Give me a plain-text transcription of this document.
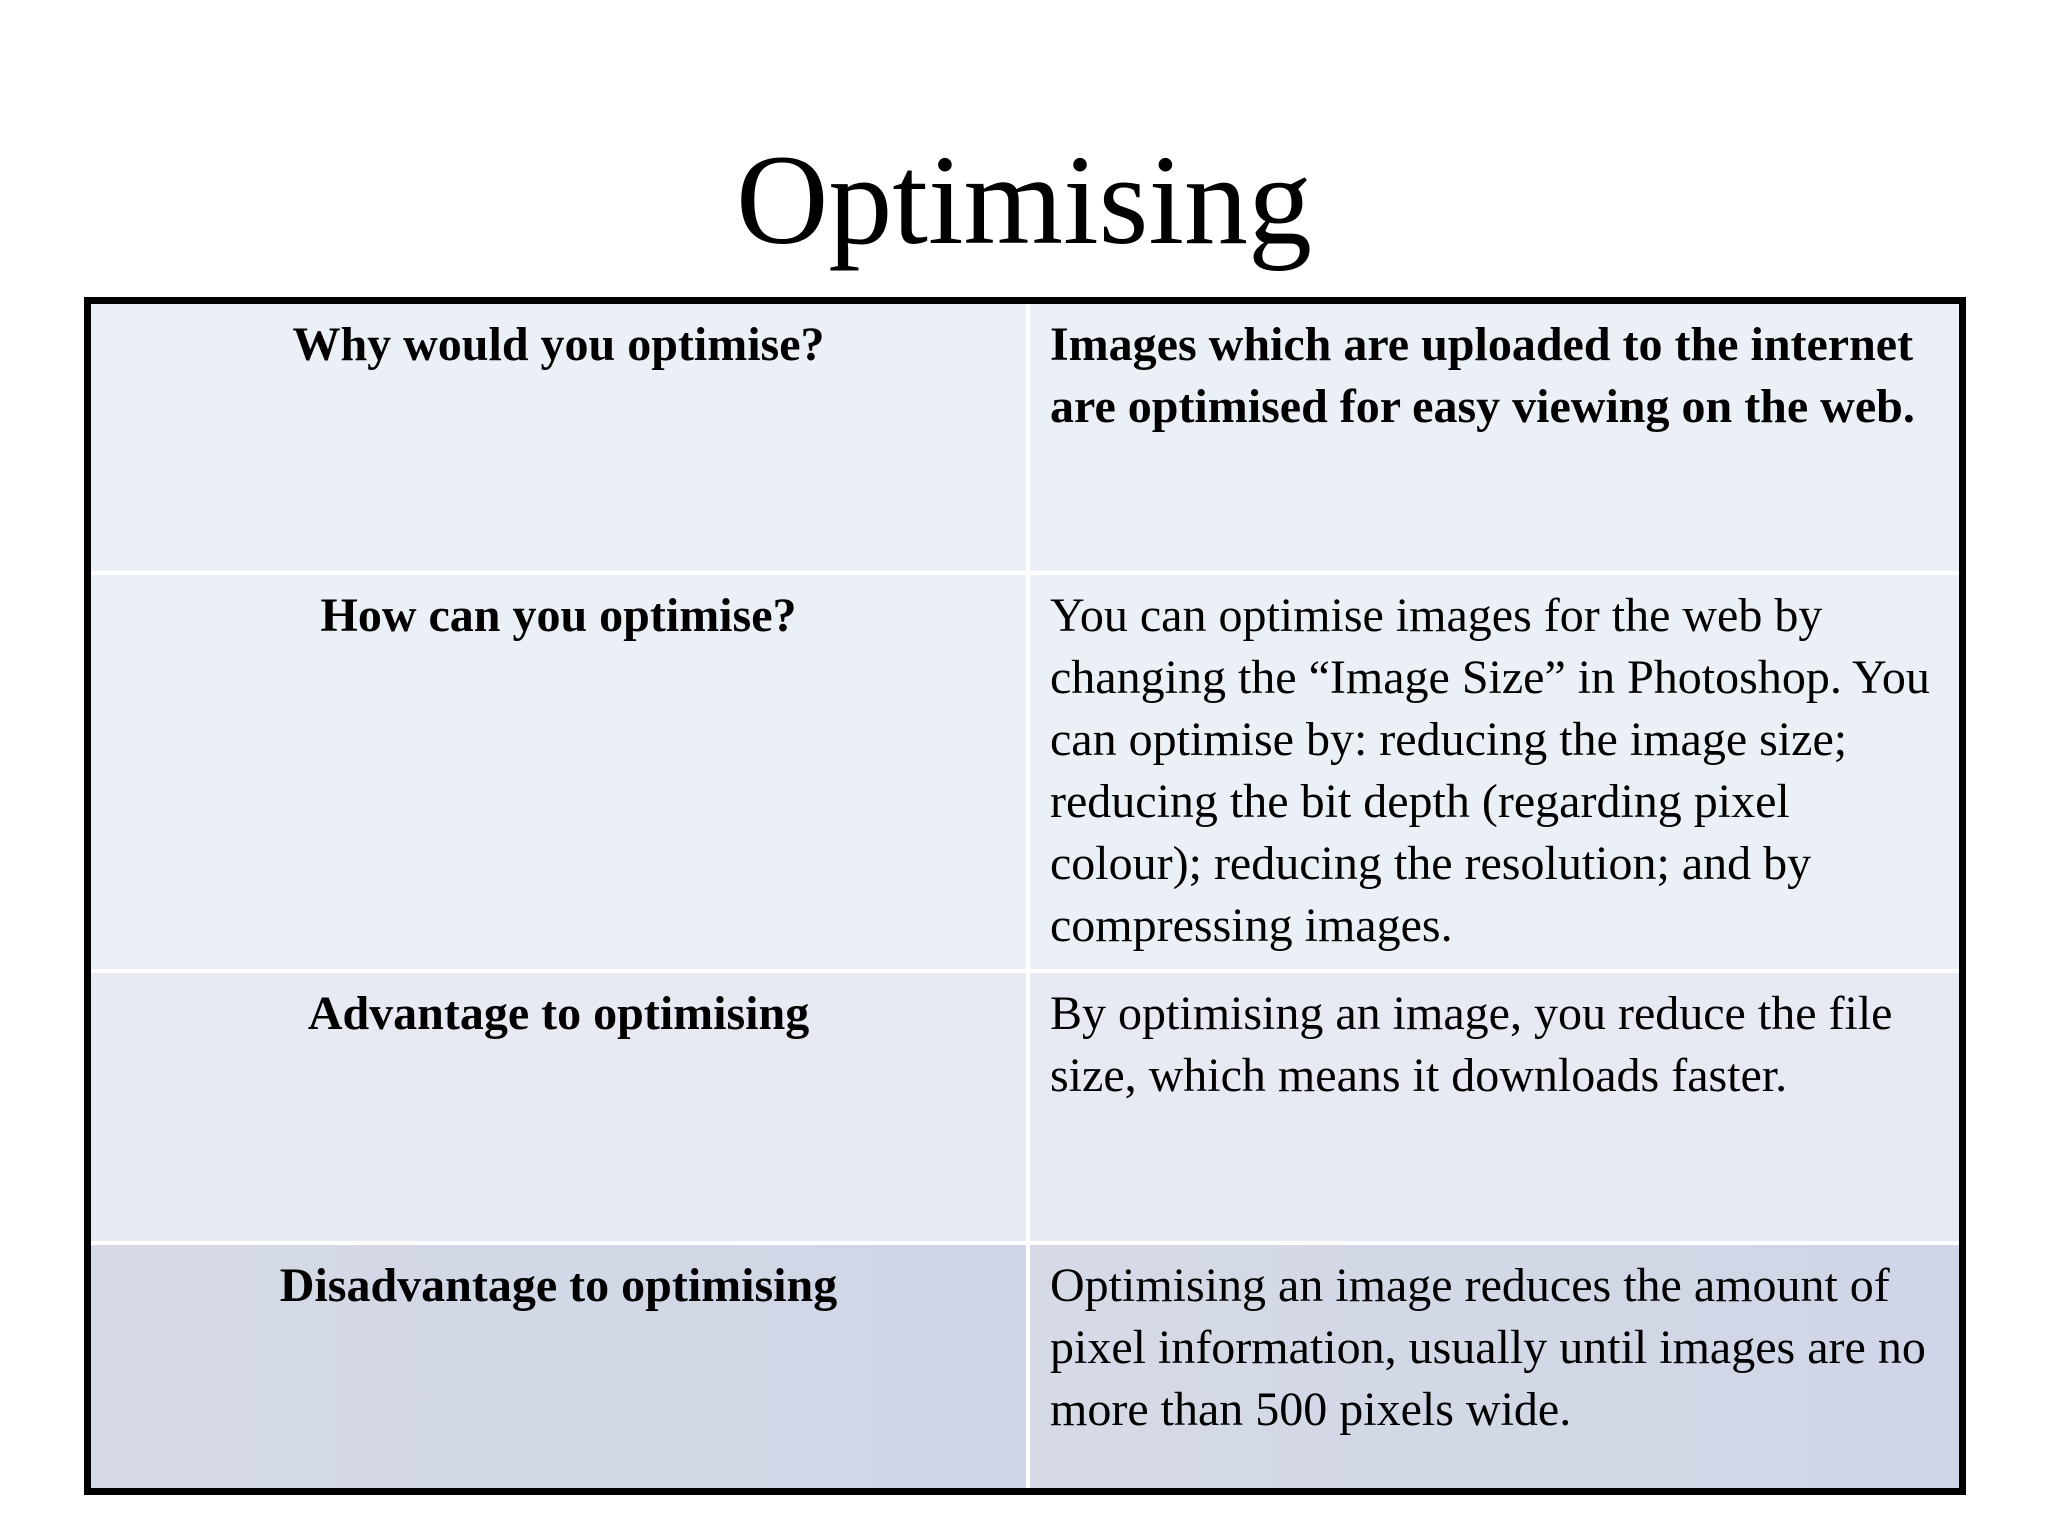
Optimising
Why would you optimise?	Images which are uploaded to the internet are optimised for easy viewing on the web.
How can you optimise?	You can optimise images for the web by changing the “Image Size” in Photoshop. You can optimise by: reducing the image size; reducing the bit depth (regarding pixel colour); reducing the resolution; and by compressing images.
Advantage to optimising	By optimising an image, you reduce the file size, which means it downloads faster.
Disadvantage to optimising	Optimising an image reduces the amount of pixel information, usually until images are no more than 500 pixels wide.
